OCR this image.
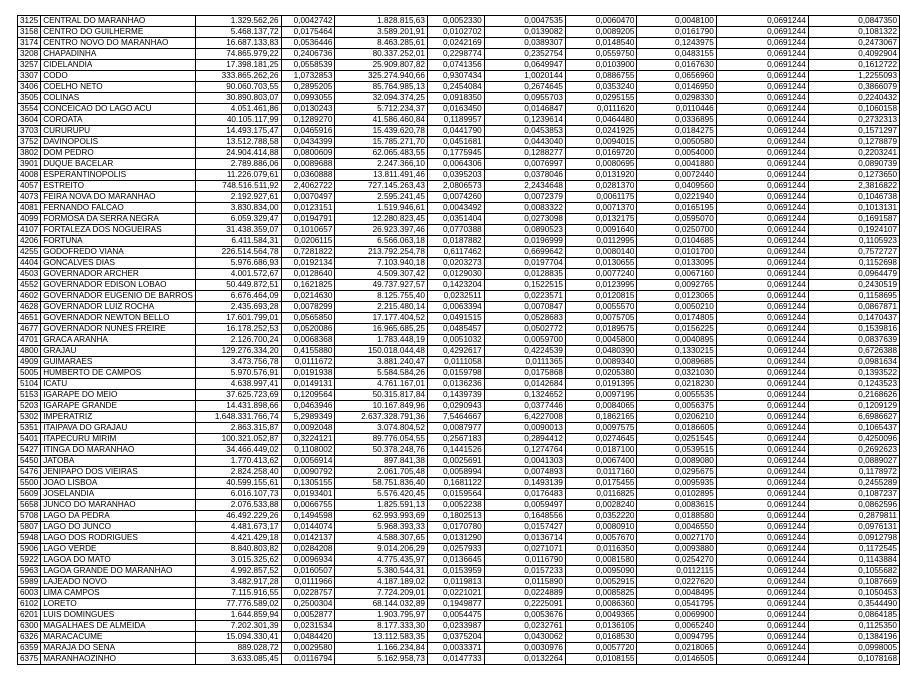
3125	CENTRAL DO MARANHAO	1.329.562,26	0,0042742	1.828.815,63	0,0052330	0,0047535	0,0060470	0,0048100	0,0691244	0,0847350
3158	CENTRO DO GUILHERME	5.468.137,72	0,0175464	3.589.201,91	0,0102702	0,0139082	0,0089205	0,0161790	0,0691244	0,1081322
3174	CENTRO NOVO DO MARANHAO	16.687.133,83	0,0536446	8.463.285,61	0,0242169	0,0389307	0,0148540	0,1243975	0,0691244	0,2473067
3208	CHAPADINHA	74.865.979,22	0,2406736	80.337.252,01	0,2298774	0,2352754	0,0559750	0,0483155	0,0691244	0,4092904
3257	CIDELANDIA	17.398.181,25	0,0558539	25.909.807,82	0,0741356	0,0649947	0,0103900	0,0167630	0,0691244	0,1612722
3307	CODO	333.865.262,26	1,0732853	325.274.940,66	0,9307434	1,0020144	0,0886755	0,0656960	0,0691244	1,2255093
3406	COELHO NETO	90.060.703,55	0,2895205	85.764.985,13	0,2454084	0,2674645	0,0353240	0,0146950	0,0691244	0,3866079
3505	COLINAS	30.890.803,07	0,0993055	32.094.374,25	0,0918350	0,0955703	0,0295155	0,0298330	0,0691244	0,2240432
3554	CONCEICAO DO LAGO ACU	4.051.461,86	0,0130243	5.712.234,37	0,0163450	0,0146847	0,0111620	0,0110446	0,0691244	0,1060158
3604	COROATA	40.105.117,99	0,1289270	41.586.460,84	0,1189957	0,1239614	0,0464480	0,0336895	0,0691244	0,2732313
3703	CURURUPU	14.493.175,47	0,0465916	15.439.620,78	0,0441790	0,0453853	0,0241925	0,0184275	0,0691244	0,1571297
3752	DAVINOPOLIS	13.512.788,58	0,0434399	15.785.271,70	0,0451681	0,0443040	0,0094015	0,0050580	0,0691244	0,1278879
3802	DOM PEDRO	24.904.414,88	0,0800609	62.065.483,55	0,1775945	0,1288277	0,0169720	0,0054000	0,0691244	0,2203241
3901	DUQUE BACELAR	2.789.886,06	0,0089688	2.247.366,10	0,0064306	0,0076997	0,0080695	0,0041880	0,0691244	0,0890739
4008	ESPERANTINOPOLIS	11.226.079,61	0,0360888	13.811.491,46	0,0395203	0,0378046	0,0131920	0,0072440	0,0691244	0,1273650
4057	ESTREITO	748.516.511,92	2,4062722	727.145.263,43	2,0806573	2,2434648	0,0281370	0,0409560	0,0691244	2,3816822
4073	FEIRA NOVA DO MARANHAO	2.192.927,61	0,0070497	2.595.241,45	0,0074260	0,0072379	0,0061175	0,0221940	0,0691244	0,1046738
4081	FERNANDO FALCAO	3.830.834,00	0,0123151	1.519.946,61	0,0043492	0,0083322	0,0071370	0,0165195	0,0691244	0,1013131
4099	FORMOSA DA SERRA NEGRA	6.059.329,47	0,0194791	12.280.823,45	0,0351404	0,0273098	0,0132175	0,0595070	0,0691244	0,1691587
4107	FORTALEZA DOS NOGUEIRAS	31.438.359,07	0,1010657	26.923.397,46	0,0770388	0,0890523	0,0091640	0,0250700	0,0691244	0,1924107
4206	FORTUNA	6.411.584,31	0,0206115	6.566.063,18	0,0187882	0,0196999	0,0112995	0,0104685	0,0691244	0,1105923
4255	GODOFREDO VIANA	226.514.564,78	0,7281822	213.792.254,78	0,6117462	0,6699642	0,0080140	0,0101700	0,0691244	0,7572727
4404	GONCALVES DIAS	5.976.686,93	0,0192134	7.103.940,18	0,0203273	0,0197704	0,0130655	0,0133095	0,0691244	0,1152698
4503	GOVERNADOR ARCHER	4.001.572,67	0,0128640	4.509.307,42	0,0129030	0,0128835	0,0077240	0,0067160	0,0691244	0,0964479
4552	GOVERNADOR EDISON LOBAO	50.449.872,51	0,1621825	49.737.927,57	0,1423204	0,1522515	0,0123995	0,0092765	0,0691244	0,2430519
4602	GOVERNADOR EUGENIO DE BARROS	6.676.464,09	0,0214630	8.125.755,40	0,0232511	0,0223571	0,0120815	0,0123065	0,0691244	0,1158695
4628	GOVERNADOR LUIZ ROCHA	2.435.693,28	0,0078299	2.215.480,14	0,0063394	0,0070847	0,0055570	0,0050210	0,0691244	0,0867871
4651	GOVERNADOR NEWTON BELLO	17.601.799,01	0,0565850	17.177.404,52	0,0491515	0,0528683	0,0075705	0,0174805	0,0691244	0,1470437
4677	GOVERNADOR NUNES FREIRE	16.178.252,53	0,0520086	16.965.685,25	0,0485457	0,0502772	0,0189575	0,0156225	0,0691244	0,1539816
4701	GRACA ARANHA	2.126.700,24	0,0068368	1.783.448,19	0,0051032	0,0059700	0,0045800	0,0040895	0,0691244	0,0837639
4800	GRAJAU	129.276.334,20	0,4155880	150.018.044,48	0,4292617	0,4224539	0,0480390	0,1330215	0,0691244	0,6726388
4909	GUIMARAES	3.473.756,78	0,0111672	3.881.240,47	0,0111058	0,0111365	0,0089340	0,0089685	0,0691244	0,0981634
5005	HUMBERTO DE CAMPOS	5.970.576,91	0,0191938	5.584.584,26	0,0159798	0,0175868	0,0205380	0,0321030	0,0691244	0,1393522
5104	ICATU	4.638.997,41	0,0149131	4.761.167,01	0,0136236	0,0142684	0,0191395	0,0218230	0,0691244	0,1243523
5153	IGARAPE DO MEIO	37.625.723,69	0,1209564	50.315.817,84	0,1439739	0,1324652	0,0097195	0,0055535	0,0691244	0,2168626
5203	IGARAPE GRANDE	14.431.898,66	0,0463946	10.167.849,96	0,0290943	0,0377446	0,0084065	0,0056375	0,0691244	0,1209129
5302	IMPERATRIZ	1.648.331.766,74	5,2989349	2.637.328.791,36	7,5464667	6,4227008	0,1862165	0,0206210	0,0691244	6,6986627
5351	ITAIPAVA DO GRAJAU	2.863.315,87	0,0092048	3.074.804,52	0,0087977	0,0090013	0,0097575	0,0186605	0,0691244	0,1065437
5401	ITAPECURU MIRIM	100.321.052,87	0,3224121	89.776.054,55	0,2567183	0,2894412	0,0274645	0,0251545	0,0691244	0,4250096
5427	ITINGA DO MARANHAO	34.466.449,02	0,1108002	50.378.248,76	0,1441526	0,1274764	0,0187100	0,0539515	0,0691244	0,2692623
5450	JATOBA	1.770.413,62	0,0056914	897.841,38	0,0025691	0,0041303	0,0067400	0,0089080	0,0691244	0,0889027
5476	JENIPAPO DOS VIEIRAS	2.824.258,40	0,0090792	2.061.705,48	0,0058994	0,0074893	0,0117160	0,0295675	0,0691244	0,1178972
5500	JOAO LISBOA	40.599.155,61	0,1305155	58.751.836,40	0,1681122	0,1493139	0,0175455	0,0095935	0,0691244	0,2455289
5609	JOSELANDIA	6.016.107,73	0,0193401	5.576.420,45	0,0159564	0,0176483	0,0116825	0,0102895	0,0691244	0,1087237
5658	JUNCO DO MARANHAO	2.076.533,88	0,0066755	1.825.591,13	0,0052238	0,0059497	0,0028240	0,0083615	0,0691244	0,0862596
5708	LAGO DA PEDRA	46.492.229,26	0,1494598	62.993.993,69	0,1802513	0,1648556	0,0352220	0,0188580	0,0691244	0,2879811
5807	LAGO DO JUNCO	4.481.673,17	0,0144074	5.968.393,33	0,0170780	0,0157427	0,0080910	0,0046550	0,0691244	0,0976131
5948	LAGO DOS RODRIGUES	4.421.429,18	0,0142137	4.588.307,65	0,0131290	0,0136714	0,0057670	0,0027170	0,0691244	0,0912798
5906	LAGO VERDE	8.840.803,82	0,0284208	9.014.206,29	0,0257933	0,0271071	0,0116350	0,0093880	0,0691244	0,1172545
5922	LAGOA DO MATO	3.015.325,62	0,0096934	4.775.435,97	0,0136645	0,0116790	0,0081580	0,0254270	0,0691244	0,1143884
5963	LAGOA GRANDE DO MARANHAO	4.992.857,52	0,0160507	5.380.544,31	0,0153959	0,0157233	0,0095090	0,0112115	0,0691244	0,1055682
5989	LAJEADO NOVO	3.482.917,28	0,0111966	4.187.189,02	0,0119813	0,0115890	0,0052915	0,0227620	0,0691244	0,1087669
6003	LIMA CAMPOS	7.115.916,55	0,0228757	7.724.209,01	0,0221021	0,0224889	0,0085825	0,0048495	0,0691244	0,1050453
6102	LORETO	77.776.589,02	0,2500304	68.144.032,89	0,1949877	0,2225091	0,0086360	0,0541795	0,0691244	0,3544490
6201	LUIS DOMINGUES	1.644.859,94	0,0052877	1.903.795,97	0,0054475	0,0053676	0,0049365	0,0069900	0,0691244	0,0864185
6300	MAGALHAES DE ALMEIDA	7.202.301,39	0,0231534	8.177.333,30	0,0233987	0,0232761	0,0136105	0,0065240	0,0691244	0,1125350
6326	MARACACUME	15.094.330,41	0,0484420	13.112.583,35	0,0375204	0,0430062	0,0168530	0,0094795	0,0691244	0,1384196
6359	MARAJA DO SENA	889.028,72	0,0029580	1.166.234,84	0,0033371	0,0030976	0,0057720	0,0218065	0,0691244	0,0998005
6375	MARANHAOZINHO	3.633.085,45	0,0116794	5.162.958,73	0,0147733	0,0132264	0,0108155	0,0146505	0,0691244	0,1078168
